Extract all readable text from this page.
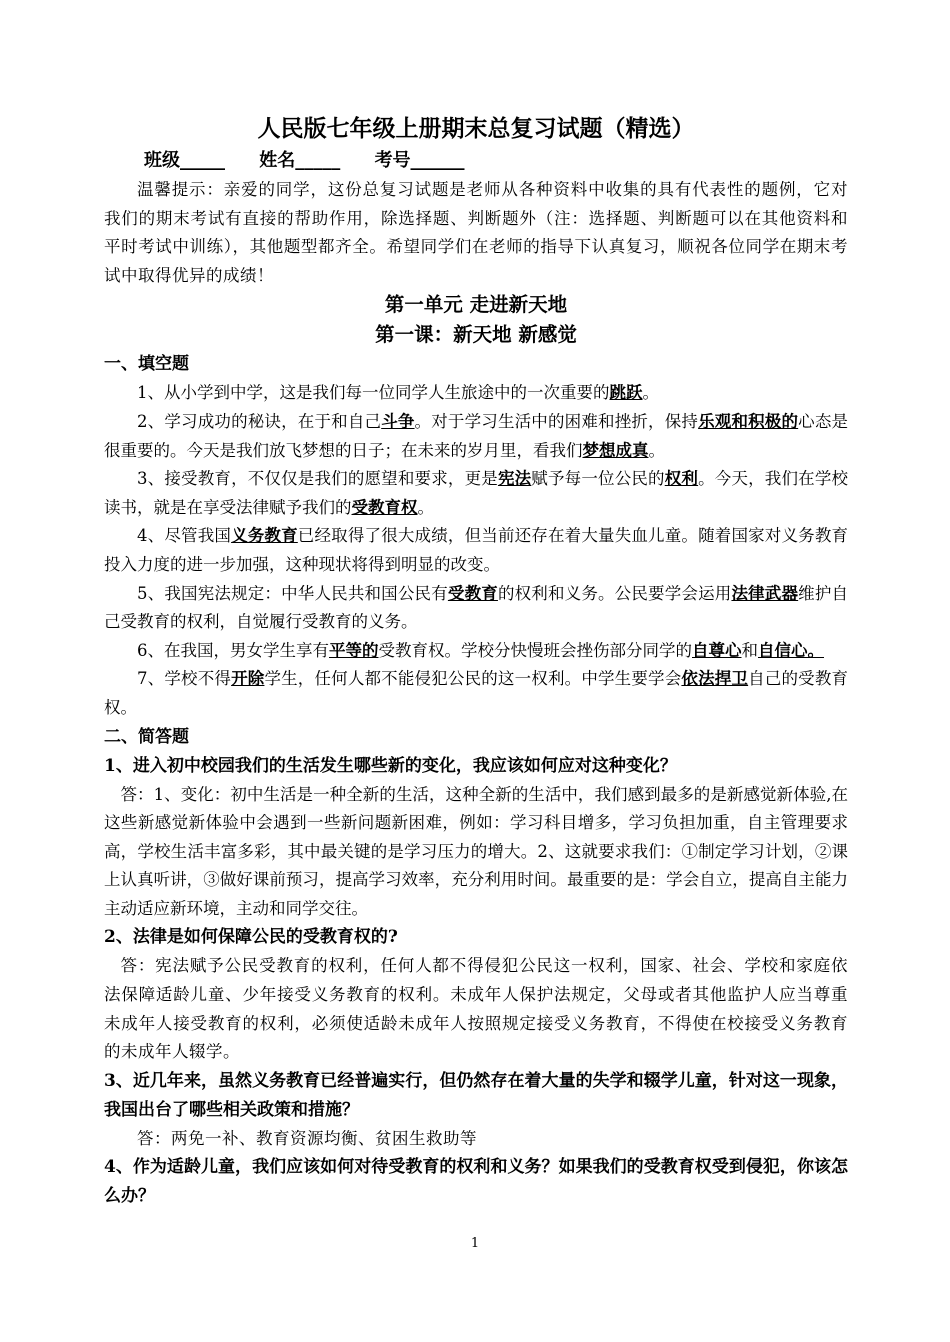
人民版七年级上册期末总复习试题（精选）
班级_____ 姓名_____ 考号______

温馨提示：亲爱的同学，这份总复习试题是老师从各种资料中收集的具有代表性的题例，它对我们的期末考试有直接的帮助作用，除选择题、判断题外（注：选择题、判断题可以在其他资料和平时考试中训练），其他题型都齐全。希望同学们在老师的指导下认真复习，顺祝各位同学在期末考试中取得优异的成绩！

第一单元 走进新天地

第一课：新天地 新感觉

一、填空题

1、从小学到中学，这是我们每一位同学人生旅途中的一次重要的跳跃。

2、学习成功的秘诀，在于和自己斗争。对于学习生活中的困难和挫折，保持乐观和积极的心态是很重要的。今天是我们放飞梦想的日子；在未来的岁月里，看我们梦想成真。

3、接受教育，不仅仅是我们的愿望和要求，更是宪法赋予每一位公民的权利。今天，我们在学校读书，就是在享受法律赋予我们的受教育权。

4、尽管我国义务教育已经取得了很大成绩，但当前还存在着大量失血儿童。随着国家对义务教育投入力度的进一步加强，这种现状将得到明显的改变。

5、我国宪法规定：中华人民共和国公民有受教育的权利和义务。公民要学会运用法律武器维护自己受教育的权利，自觉履行受教育的义务。

6、在我国，男女学生享有平等的受教育权。学校分快慢班会挫伤部分同学的自尊心和自信心。

7、学校不得开除学生，任何人都不能侵犯公民的这一权利。中学生要学会依法捍卫自己的受教育权。

二、简答题

1、进入初中校园我们的生活发生哪些新的变化，我应该如何应对这种变化？

答：1、变化：初中生活是一种全新的生活，这种全新的生活中，我们感到最多的是新感觉新体验,在这些新感觉新体验中会遇到一些新问题新困难，例如：学习科目增多，学习负担加重，自主管理要求高，学校生活丰富多彩，其中最关键的是学习压力的增大。2、这就要求我们：①制定学习计划，②课上认真听讲，③做好课前预习，提高学习效率，充分利用时间。最重要的是：学会自立，提高自主能力主动适应新环境，主动和同学交往。

2、法律是如何保障公民的受教育权的?

答：宪法赋予公民受教育的权利，任何人都不得侵犯公民这一权利，国家、社会、学校和家庭依法保障适龄儿童、少年接受义务教育的权利。未成年人保护法规定，父母或者其他监护人应当尊重未成年人接受教育的权利，必须使适龄未成年人按照规定接受义务教育，不得使在校接受义务教育的未成年人辍学。

3、近几年来，虽然义务教育已经普遍实行，但仍然存在着大量的失学和辍学儿童，针对这一现象，我国出台了哪些相关政策和措施？

答：两免一补、教育资源均衡、贫困生救助等

4、作为适龄儿童，我们应该如何对待受教育的权利和义务？如果我们的受教育权受到侵犯，你该怎么办？

1
